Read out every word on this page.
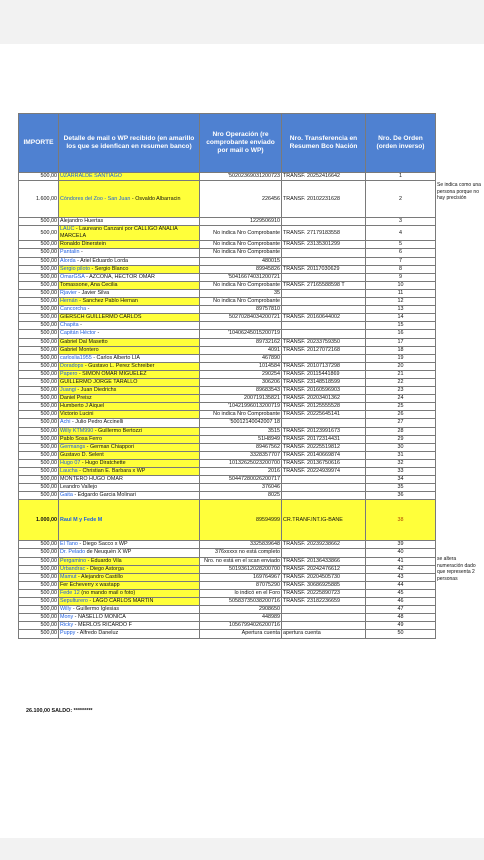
IMPORTE	Detalle de mail o WP recibido (en amarillo los que se idenfican en resumen banco)	Nro Operación (re comprobante enviado por mail o WP)	Nro. Transferencia en Resumen Bco Nación	Nro. De Orden (orden inverso)
500,00	UZARRALDE SANTIAGO	'50202369031200723	TRANSF. 20252416642	1
1.600,00	Cóndores del Zoo - San Juan - Osvaldo Albarracin	226456	TRANSF. 20102231628	2
500,00	Alejandro Huertas	1229506910		3
500,00	LAUC - Laureano Canzani por CALLIGO ANALIA MARCELA	No indica Nro Comprobante	TRANSF. 27179183558	4
500,00	Ronaldo Dinerstein	No indica Nro Comprobante	TRANSF. 23135301299	5
500,00	Pantalin -	No indica Nro Comprobante		6
500,00	Alorda - Ariel Eduardo Lorda	480015		7
500,00	Sergio piloto - Sergio Blanco	89945826	TRANSF. 20117030629	8
500,00	OmarGSA - AZCONA, HECTOR OMAR	'50416674031200721		9
500,00	Tomassone, Ana Cecilia	No indica Nro Comprobante	TRANSF. 27165588598 T	10
500,00	Rjavier - Javier Silva	35		11
500,00	Hernán - Sanchez Pablo Hernan	No indica Nro Comprobante		12
500,00	Cancorcha -	89757810		13
500,00	GIERSCH GUILLERMO CARLOS	50270284034200721	TRANSF. 20160644002	14
500,00	Chapita -			15
500,00	Capitán Héctor -	'10406245015200719		16
500,00	Gabriel Dal Masetto	89732162	TRANSF. 20233759350	17
500,00	Gabriel Montero	4091	TRANSF. 20127072168	18
500,00	carloslia1955 - Carlos Alberto LIA	467890		19
500,00	Doradops - Gustavo L. Perez Schreiber	1014584	TRANSF. 20107137298	20
500,00	Papero - SIMON OMAR MIGUELEZ	290254	TRANSF. 20115441869	21
500,00	GUILLERMO JORGE TARALLO	306206	TRANSF. 23148518599	22
500,00	Juangi - Juan Diedrichs	89683543	TRANSF. 20160596903	23
500,00	Daniel Preisz	200719135821	TRANSF. 20203401362	24
500,00	Humberto J Aiquel	'10421996013200719	TRANSF. 20125555528	25
500,00	Victorio Lucini	No indica Nro Comprobante	TRANSF. 20225645141	26
500,00	Achi - Julio Pedro Accinelli	'50012140042007 18		27
500,00	Willy KTM990 - Guillermo Bertozzi	3515	TRANSF. 20123991673	28
500,00	Pablo Sosa Ferro	51H8949	TRANSF. 20172314431	29
500,00	Germangs - German Chiappori	89467562	TRANSF. 20225519812	30
500,00	Gustavo D. Selent	3328357707	TRANSF. 20140669874	31
500,00	Hugo 07 - Hugo Diratchette	10132625023200700	TRANSF. 20136750616	32
500,00	Laucha - Christian E. Barbara x WP	2016	TRANSF. 20224939974	33
500,00	MONTERO HUGO OMAR	50447280026200717		34
500,00	Leandro Vallejo	376046		35
500,00	Gaita - Edgardo Garcia Molinari	8025		36
1.000,00	Raul M y Fede M	89594999	CR.TRANF.INT.IG-BANE	38
500,00	El Tano - Diego Sacco x WP	3325839648	TRANSF. 20239238662	39
500,00	Dr. Pelado de Neuquén X WP	376xxxxx no está completo		40
500,00	Pergamino - Eduardo Vila	Nro. no está en el scan enviado	TRANSF. 20136433866	41
500,00	Urbandrac - Diego Astorga	50193612028200700	TRANSF. 20242476612	42
500,00	Mamut - Alejandro Castillo	169764967	TRANSF. 20204505730	43
500,00	Fer Écheverry x wastapp	87075290	TRANSF. 30686925885	44
500,00	Fede 12 (no mando mail o foto)	lo indicó en el Foro	TRANSF. 20225890723	45
500,00	Sepulturero - LAGO CARLOS MARTIN	50583735038200716	TRANSF. 23182236659	46
500,00	Willy - Guillermo Iglesias	2908650		47
500,00	Mony - NASELLO MONICA	448989		48
500,00	Ricky - MERLOS RICARDO F	10567994026200716		49
500,00	Puppy - Alfredo Daneluz	Apertura cuenta	apertura cuenta	50
Se indica como una persona porque no hay precisión
se altera numeración dado que representa 2 personas
26.100,00 SALDO: *********
